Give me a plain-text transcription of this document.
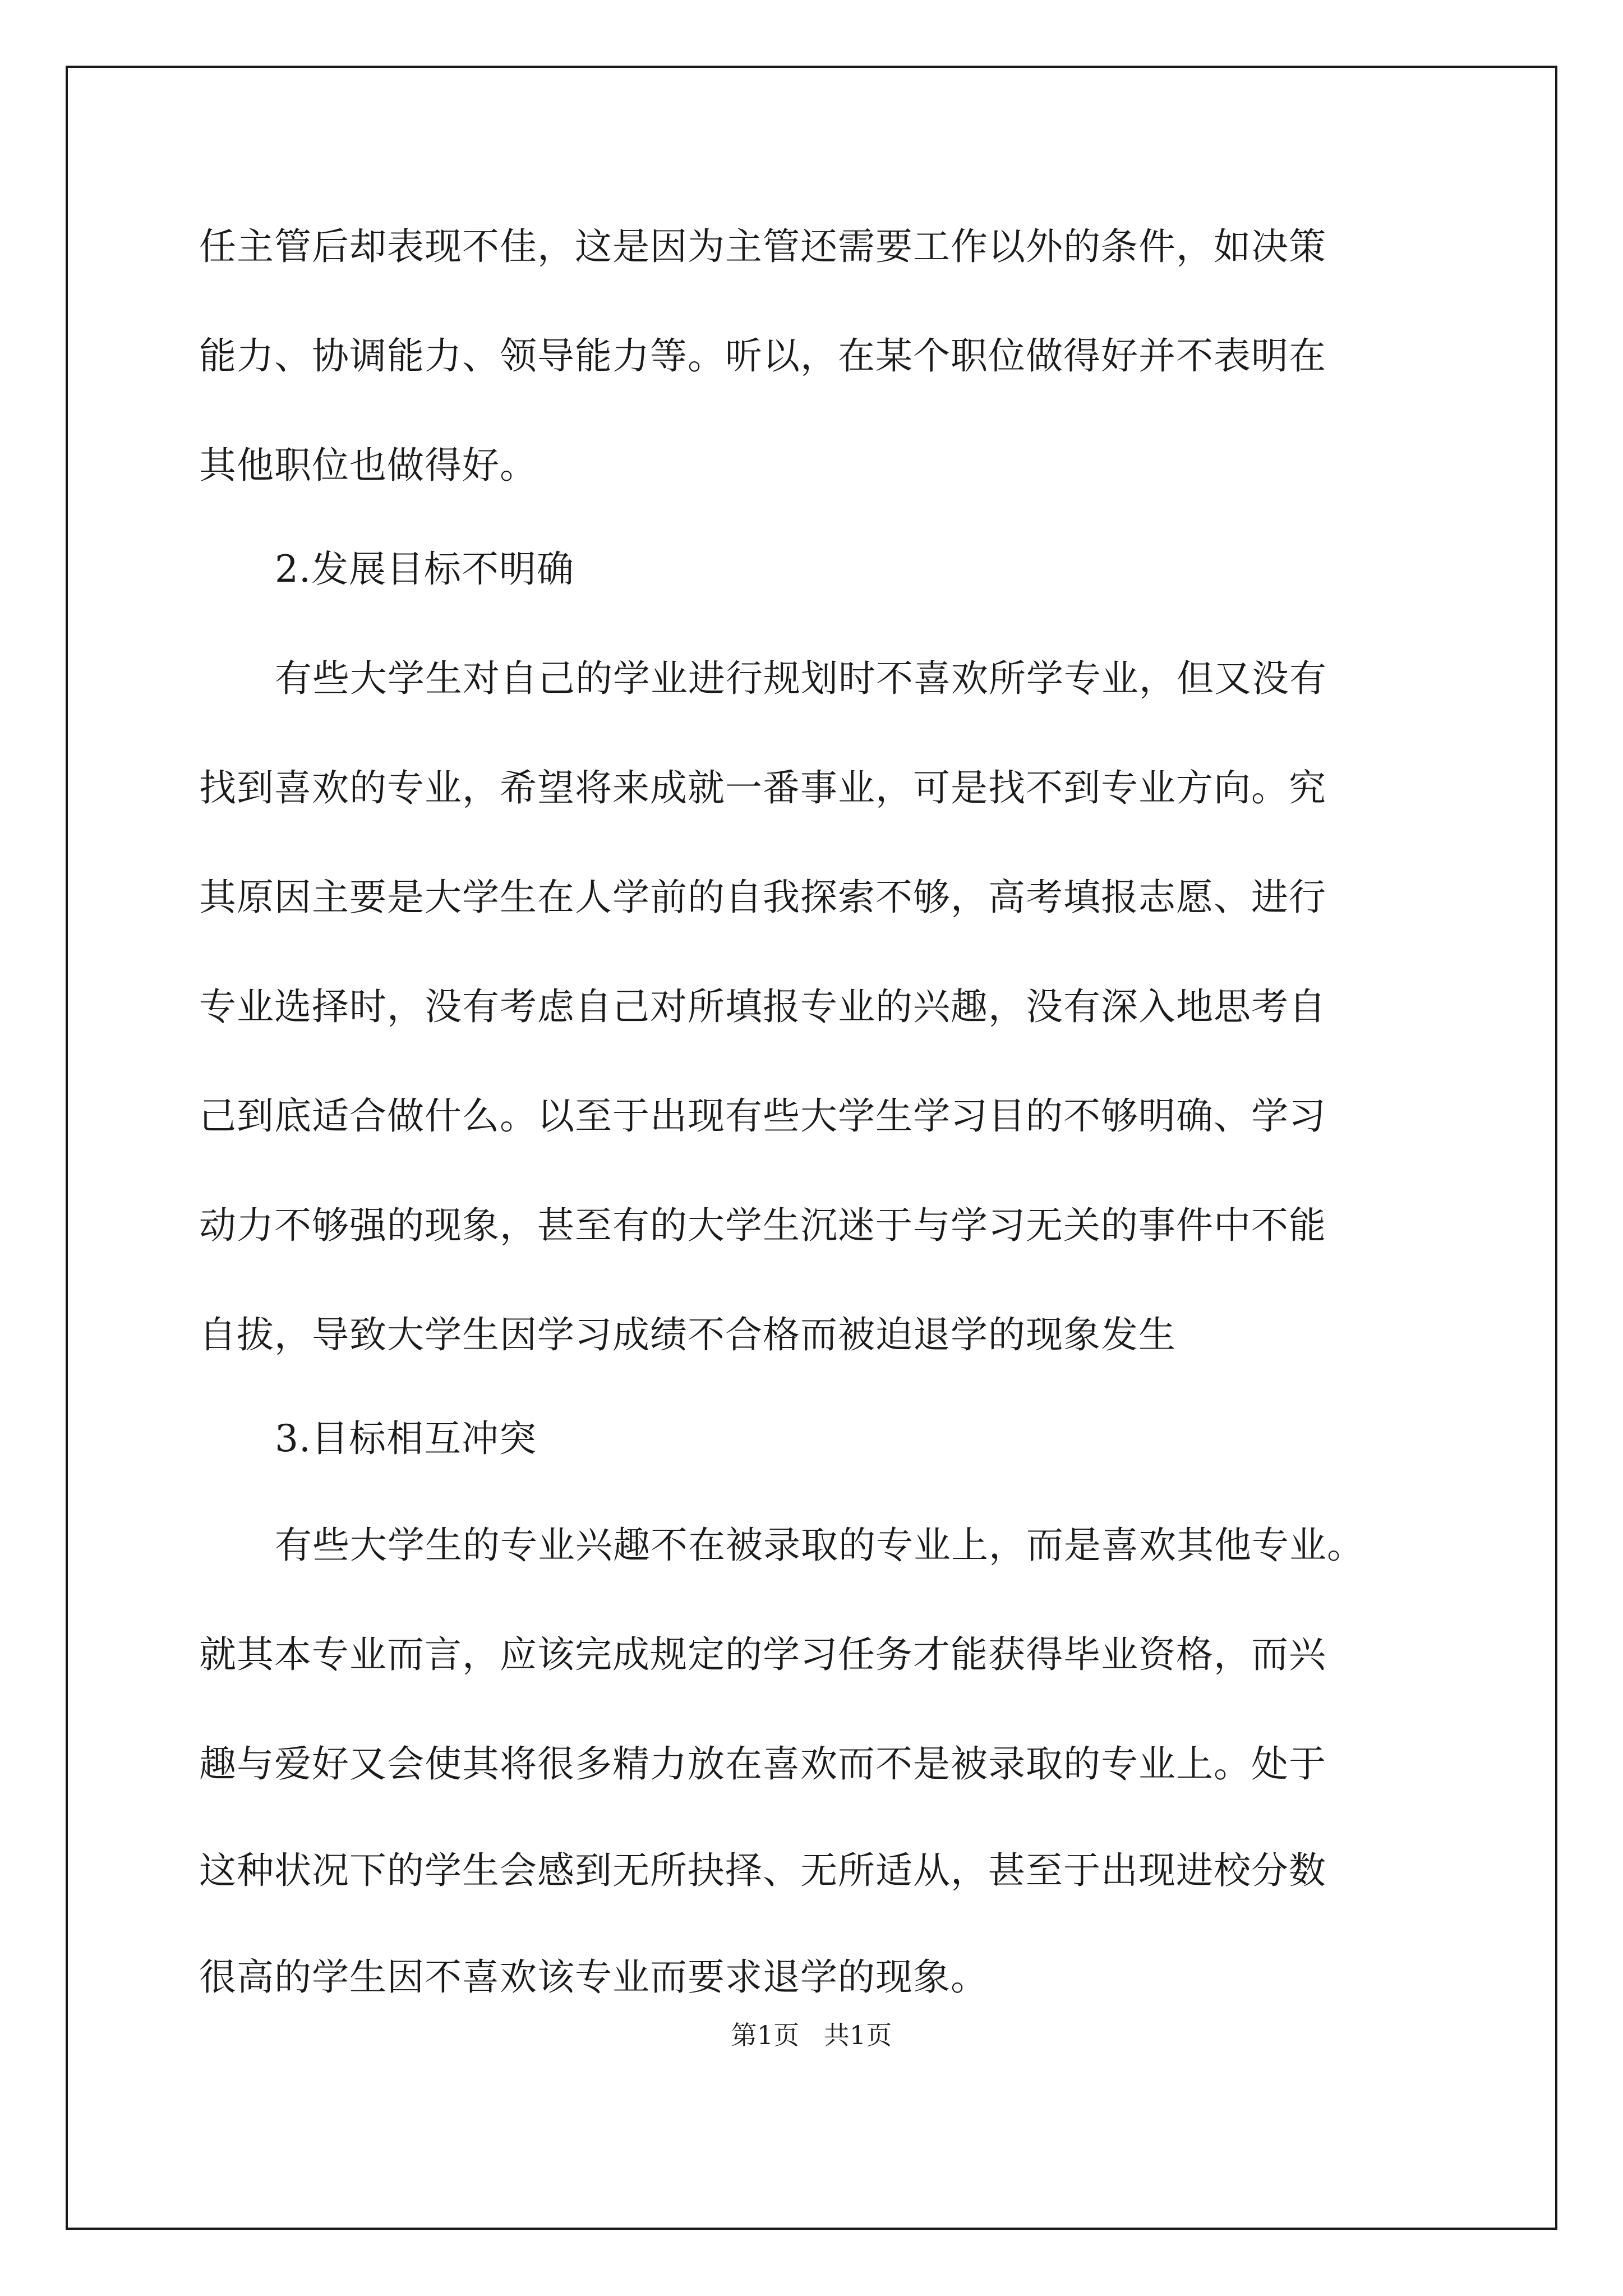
任主管后却表现不佳，这是因为主管还需要工作以外的条件，如决策

能力、协调能力、领导能力等。听以，在某个职位做得好并不表明在

其他职位也做得好。

2.发展目标不明确

有些大学生对自己的学业进行规划时不喜欢所学专业，但又没有

找到喜欢的专业，希望将来成就一番事业，可是找不到专业方向。究

其原因主要是大学生在人学前的自我探索不够，高考填报志愿、进行

专业选择时，没有考虑自己对所填报专业的兴趣，没有深入地思考自

己到底适合做什么。以至于出现有些大学生学习目的不够明确、学习

动力不够强的现象，甚至有的大学生沉迷于与学习无关的事件中不能

自拔，导致大学生因学习成绩不合格而被迫退学的现象发生

3.目标相互冲突

有些大学生的专业兴趣不在被录取的专业上，而是喜欢其他专业。

就其本专业而言，应该完成规定的学习任务才能获得毕业资格，而兴

趣与爱好又会使其将很多精力放在喜欢而不是被录取的专业上。处于

这种状况下的学生会感到无所抉择、无所适从，甚至于出现进校分数

很高的学生因不喜欢该专业而要求退学的现象。

第1页   共1页
